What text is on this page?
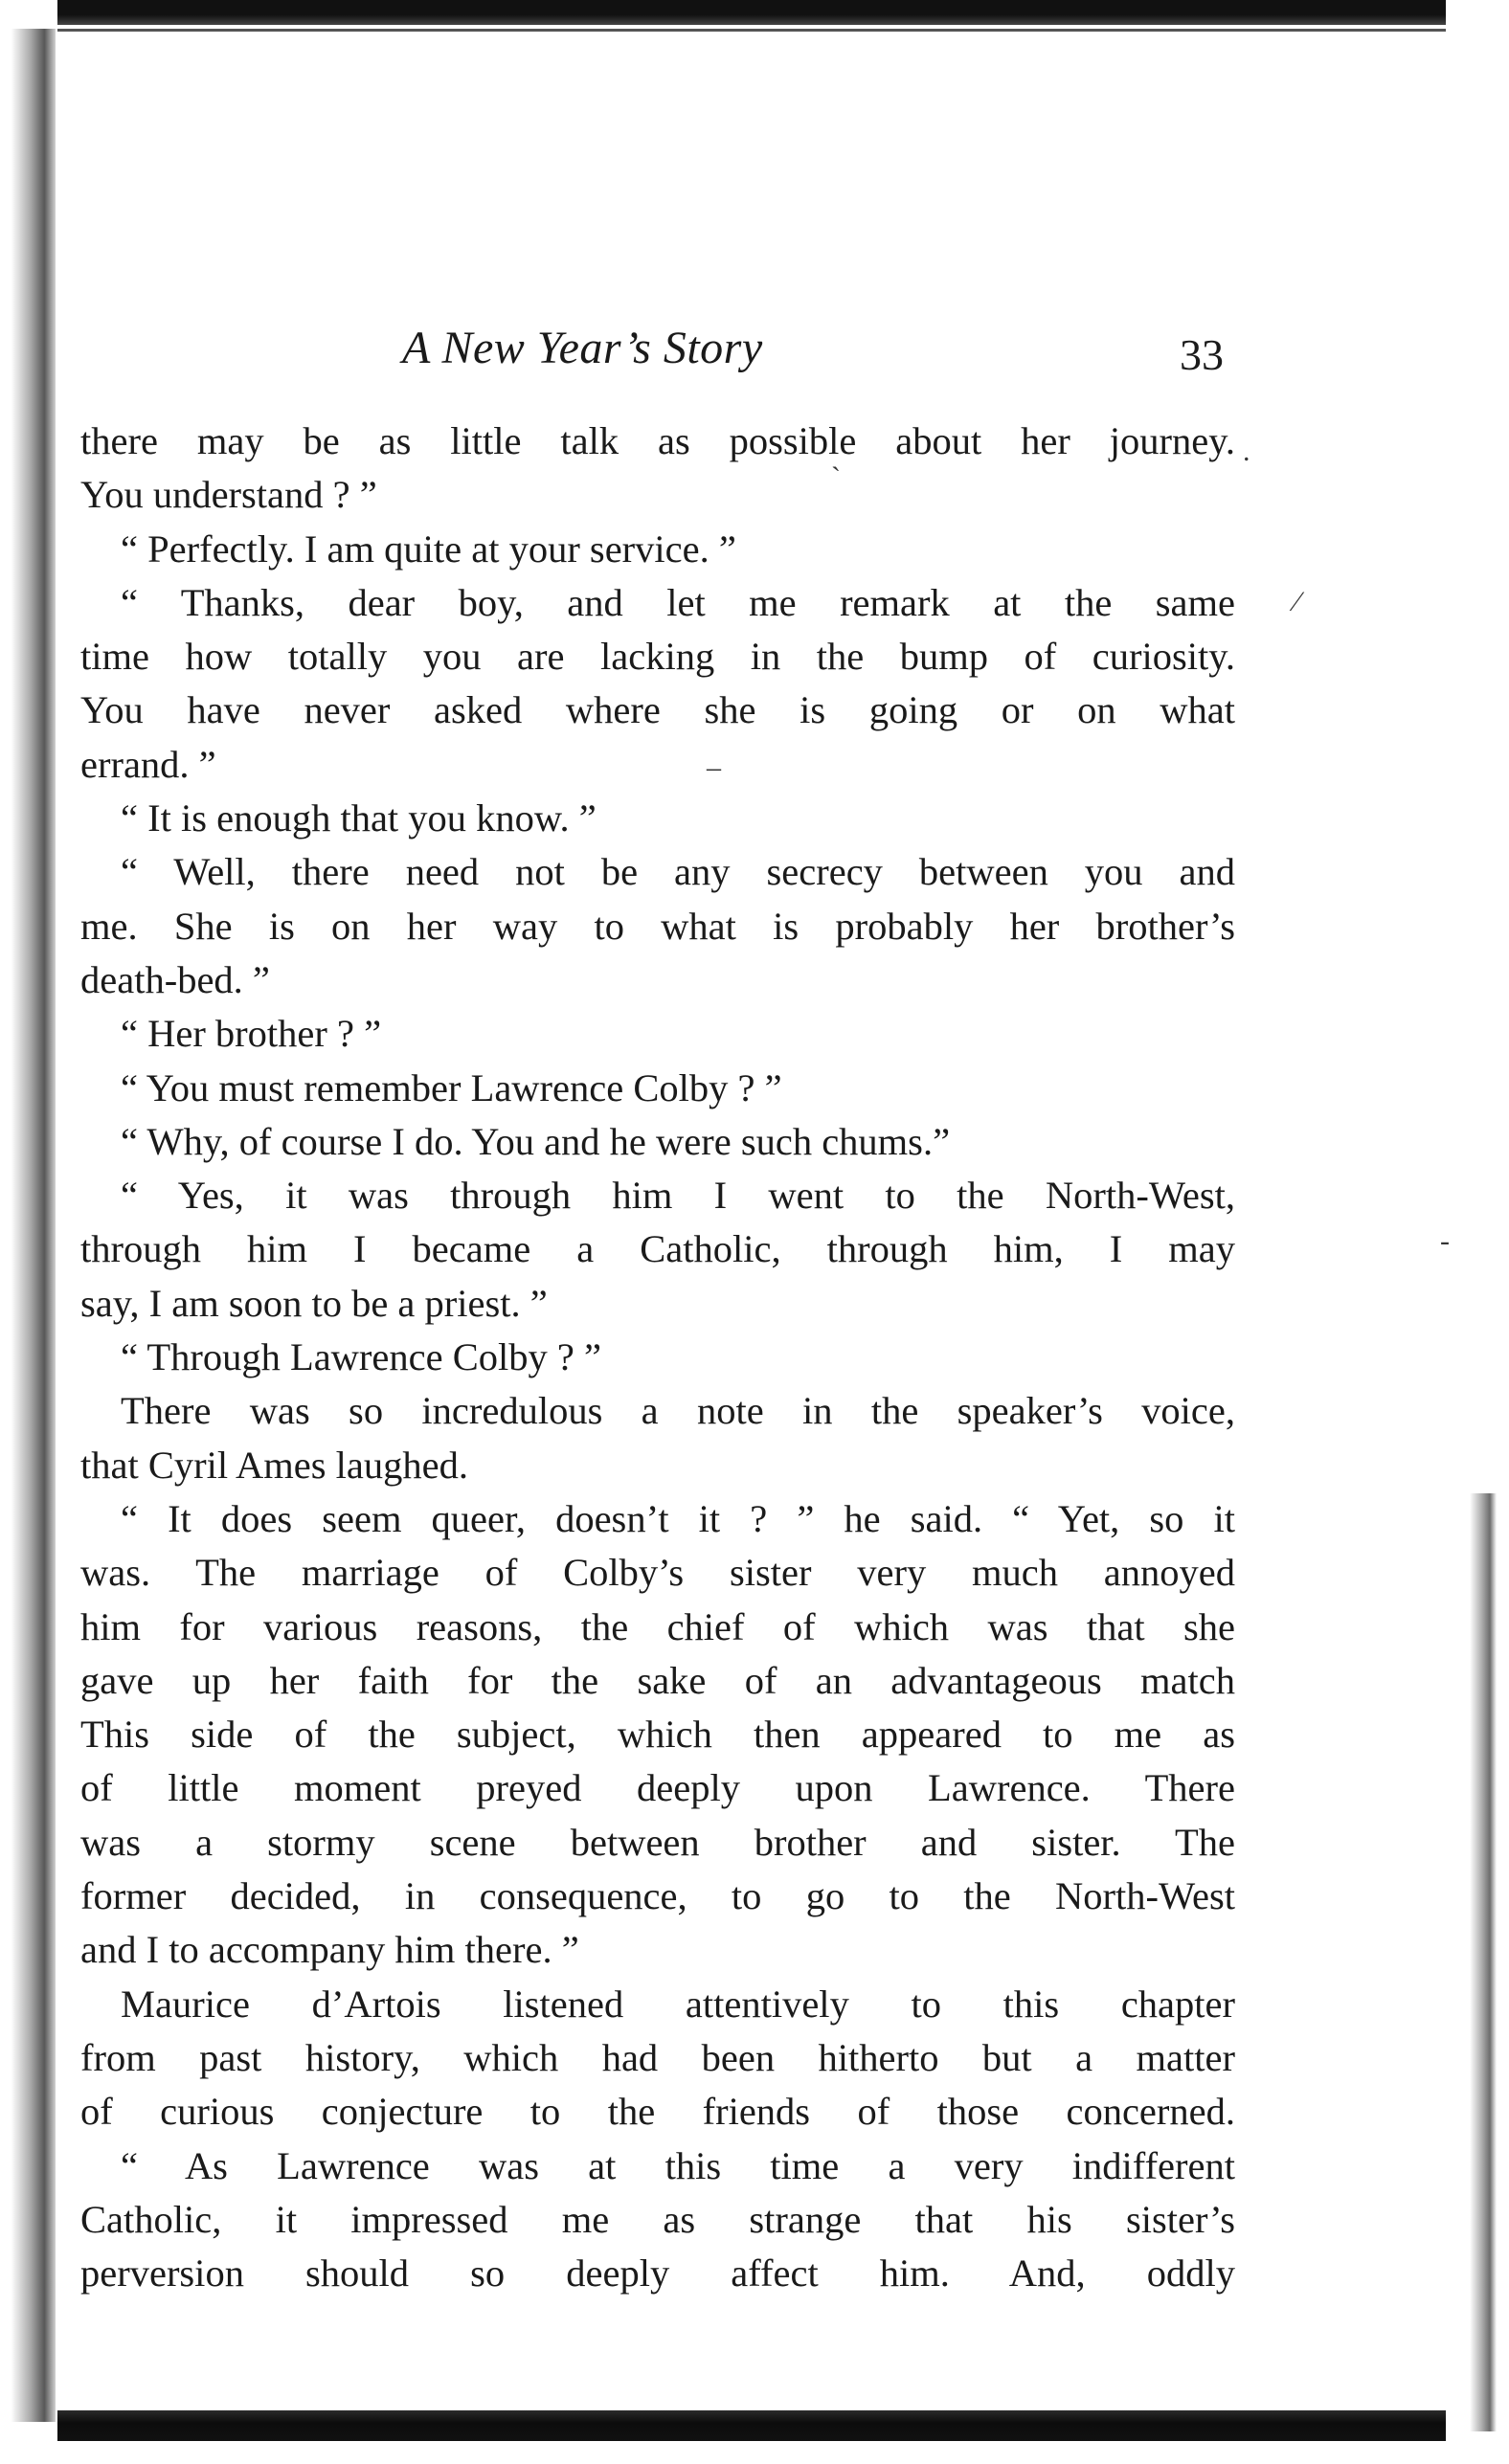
A New Year’s Story	33
there may be as little talk as possible about her journey.
You understand ? ”
“ Perfectly. I am quite at your service. ”
“ Thanks, dear boy, and let me remark at the same
time how totally you are lacking in the bump of curiosity.
You have never asked where she is going or on what
errand. ”
“ It is enough that you know. ”
“ Well, there need not be any secrecy between you and
me. She is on her way to what is probably her brother’s
death-bed. ”
“ Her brother ? ”
“ You must remember Lawrence Colby ? ”
“ Why, of course I do. You and he were such chums.”
“ Yes, it was through him I went to the North-West,
through him I became a Catholic, through him, I may
say, I am soon to be a priest. ”
“ Through Lawrence Colby ? ”
There was so incredulous a note in the speaker’s voice,
that Cyril Ames laughed.
“ It does seem queer, doesn’t it ? ” he said. “ Yet, so it
was. The marriage of Colby’s sister very much annoyed
him for various reasons, the chief of which was that she
gave up her faith for the sake of an advantageous match
This side of the subject, which then appeared to me as
of little moment preyed deeply upon Lawrence. There
was a stormy scene between brother and sister. The
former decided, in consequence, to go to the North-West
and I to accompany him there. ”
Maurice d’Artois listened attentively to this chapter
from past history, which had been hitherto but a matter
of curious conjecture to the friends of those concerned.
“ As Lawrence was at this time a very indifferent
Catholic, it impressed me as strange that his sister’s
perversion should so deeply affect him. And, oddly
.
`
⁄
–
-
